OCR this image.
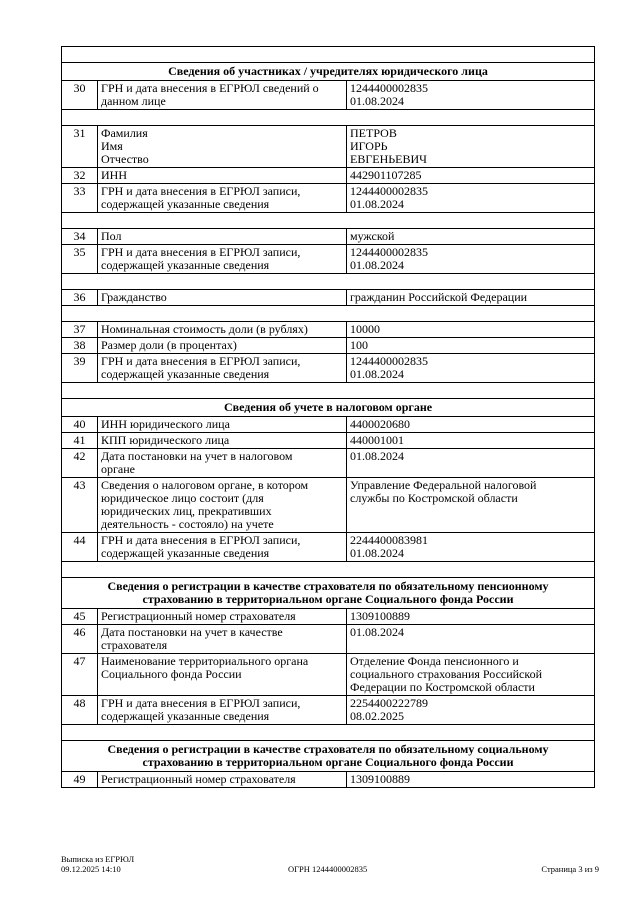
Сведения об участниках / учредителях юридического лица		
30	ГРН и дата внесения в ЕГРЮЛ сведений о
данном лице	1244400002835
01.08.2024

31	Фамилия
Имя
Отчество	ПЕТРОВ
ИГОРЬ
ЕВГЕНЬЕВИЧ

32	ИНН	442901107285

33	ГРН и дата внесения в ЕГРЮЛ записи,
содержащей указанные сведения	1244400002835
01.08.2024

34	Пол	мужской

35	ГРН и дата внесения в ЕГРЮЛ записи,
содержащей указанные сведения	1244400002835
01.08.2024

36	Гражданство	гражданин Российской Федерации

37	Номинальная стоимость доли (в рублях)	10000

38	Размер доли (в процентах)	100

39	ГРН и дата внесения в ЕГРЮЛ записи,
содержащей указанные сведения	1244400002835
01.08.2024

Сведения об учете в налоговом органе		
40	ИНН юридического лица	4400020680

41	КПП юридического лица	440001001

42	Дата постановки на учет в налоговом
органе	01.08.2024

43	Сведения о налоговом органе, в котором
юридическое лицо состоит (для
юридических лиц, прекративших
деятельность - состояло) на учете	Управление Федеральной налоговой
службы по Костромской области

44	ГРН и дата внесения в ЕГРЮЛ записи,
содержащей указанные сведения	2244400083981
01.08.2024

Сведения о регистрации в качестве страхователя по обязательному пенсионному
страхованию в территориальном органе Социального фонда России		

45	Регистрационный номер страхователя	1309100889

46	Дата постановки на учет в качестве
страхователя	01.08.2024

47	Наименование территориального органа
Социального фонда России	Отделение Фонда пенсионного и
социального страхования Российской
Федерации по Костромской области

48	ГРН и дата внесения в ЕГРЮЛ записи,
содержащей указанные сведения	2254400222789
08.02.2025

Сведения о регистрации в качестве страхователя по обязательному социальному
страхованию в территориальном органе Социального фонда России		

49	Регистрационный номер страхователя	1309100889
Выписка из ЕГРЮЛ
09.12.2025 14:10	ОГРН 1244400002835	Страница 3 из 9
